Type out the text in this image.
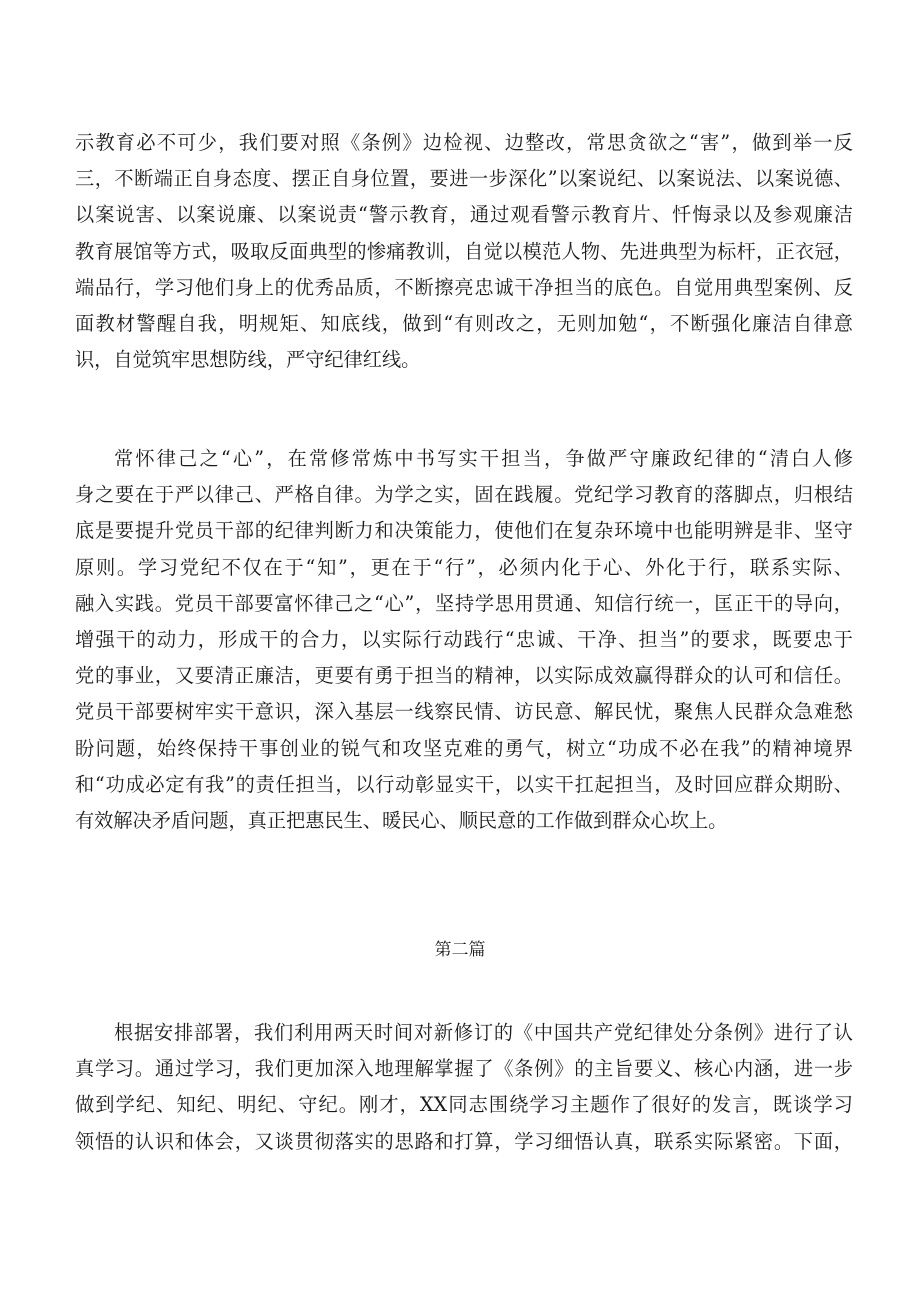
示教育必不可少，我们要对照《条例》边检视、边整改，常思贪欲之“害”，做到举一反
三，不断端正自身态度、摆正自身位置，要进一步深化”以案说纪、以案说法、以案说德、
以案说害、以案说廉、以案说责“警示教育，通过观看警示教育片、忏悔录以及参观廉洁
教育展馆等方式，吸取反面典型的惨痛教训，自觉以模范人物、先进典型为标杆，正衣冠，
端品行，学习他们身上的优秀品质，不断擦亮忠诚干净担当的底色。自觉用典型案例、反
面教材警醒自我，明规矩、知底线，做到“有则改之，无则加勉“，不断强化廉洁自律意
识，自觉筑牢思想防线，严守纪律红线。
常怀律己之“心”，在常修常炼中书写实干担当，争做严守廉政纪律的“清白人修
身之要在于严以律己、严格自律。为学之实，固在践履。党纪学习教育的落脚点，归根结
底是要提升党员干部的纪律判断力和决策能力，使他们在复杂环境中也能明辨是非、坚守
原则。学习党纪不仅在于“知”，更在于“行”，必须内化于心、外化于行，联系实际、
融入实践。党员干部要富怀律己之“心”，坚持学思用贯通、知信行统一，匡正干的导向，
增强干的动力，形成干的合力，以实际行动践行“忠诚、干净、担当”的要求，既要忠于
党的事业，又要清正廉洁，更要有勇于担当的精神，以实际成效赢得群众的认可和信任。
党员干部要树牢实干意识，深入基层一线察民情、访民意、解民忧，聚焦人民群众急难愁
盼问题，始终保持干事创业的锐气和攻坚克难的勇气，树立“功成不必在我”的精神境界
和“功成必定有我”的责任担当，以行动彰显实干，以实干扛起担当，及时回应群众期盼、
有效解决矛盾问题，真正把惠民生、暖民心、顺民意的工作做到群众心坎上。
第二篇
根据安排部署，我们利用两天时间对新修订的《中国共产党纪律处分条例》进行了认
真学习。通过学习，我们更加深入地理解掌握了《条例》的主旨要义、核心内涵，进一步
做到学纪、知纪、明纪、守纪。刚才，XX同志围绕学习主题作了很好的发言，既谈学习
领悟的认识和体会，又谈贯彻落实的思路和打算，学习细悟认真，联系实际紧密。下面，
